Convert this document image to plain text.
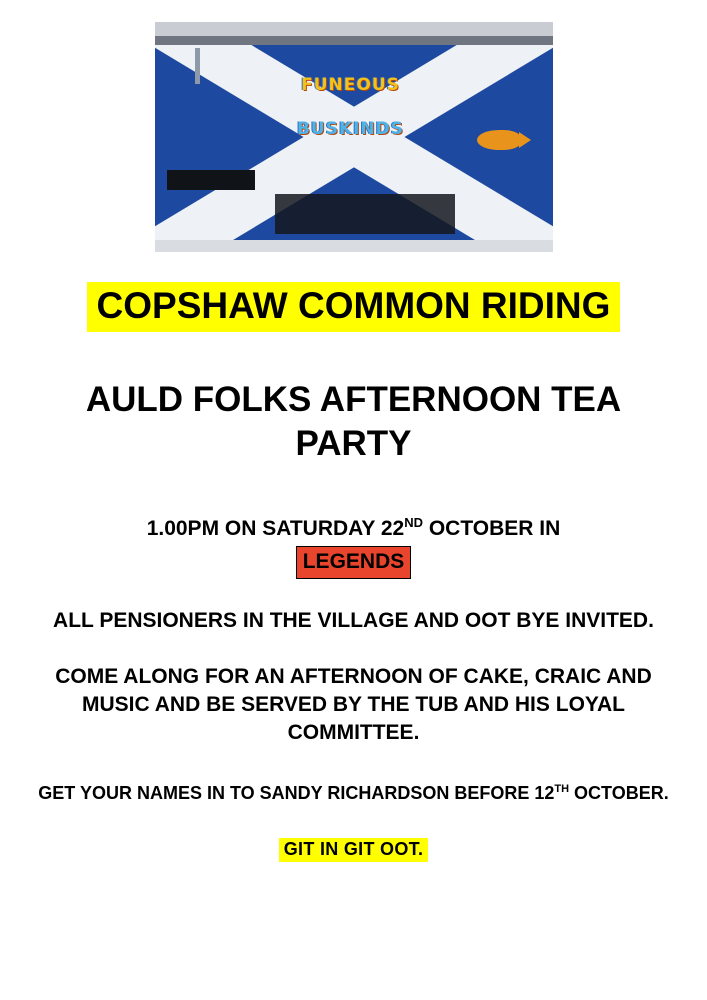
FUNEOUS

BUSKINDS

COPSHAW COMMON RIDING
AULD FOLKS AFTERNOON TEA PARTY
1.00PM ON SATURDAY 22ND OCTOBER IN
LEGENDS
ALL PENSIONERS IN THE VILLAGE AND OOT BYE INVITED.
COME ALONG FOR AN AFTERNOON OF CAKE, CRAIC AND MUSIC AND BE SERVED BY THE TUB AND HIS LOYAL COMMITTEE.
GET YOUR NAMES IN TO SANDY RICHARDSON BEFORE 12TH OCTOBER.
GIT IN GIT OOT.
